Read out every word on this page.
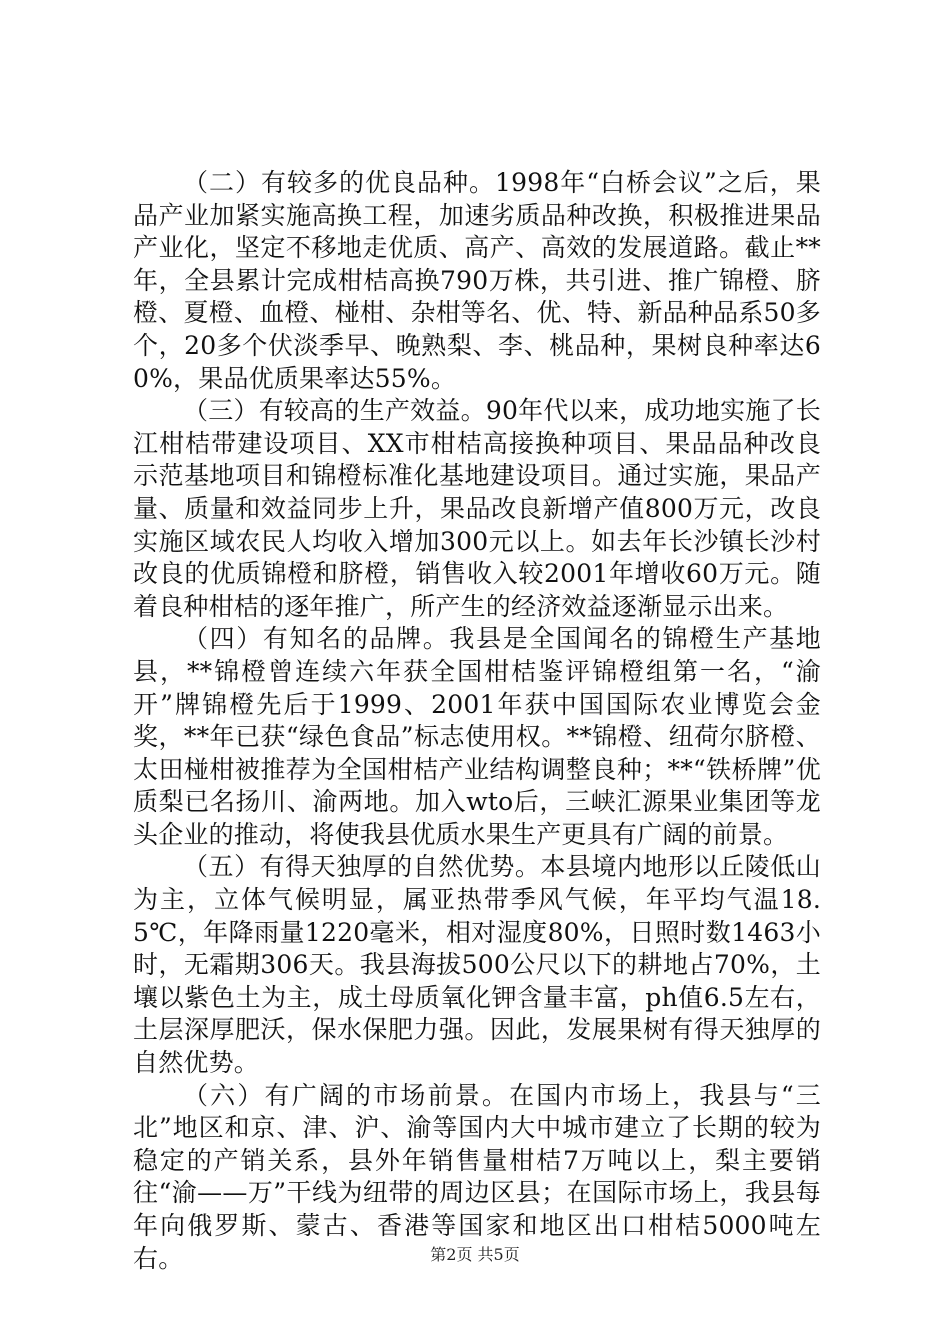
（二）有较多的优良品种。1998年“白桥会议”之后，果品产业加紧实施高换工程，加速劣质品种改换，积极推进果品产业化，坚定不移地走优质、高产、高效的发展道路。截止**年，全县累计完成柑桔高换790万株，共引进、推广锦橙、脐橙、夏橙、血橙、椪柑、杂柑等名、优、特、新品种品系50多个，20多个伏淡季早、晚熟梨、李、桃品种，果树良种率达60%，果品优质果率达55%。

（三）有较高的生产效益。90年代以来，成功地实施了长江柑桔带建设项目、XX市柑桔高接换种项目、果品品种改良示范基地项目和锦橙标准化基地建设项目。通过实施，果品产量、质量和效益同步上升，果品改良新增产值800万元，改良实施区域农民人均收入增加300元以上。如去年长沙镇长沙村改良的优质锦橙和脐橙，销售收入较2001年增收60万元。随着良种柑桔的逐年推广，所产生的经济效益逐渐显示出来。

（四）有知名的品牌。我县是全国闻名的锦橙生产基地县，**锦橙曾连续六年获全国柑桔鉴评锦橙组第一名，“渝开”牌锦橙先后于1999、2001年获中国国际农业博览会金奖，**年已获“绿色食品”标志使用权。**锦橙、纽荷尔脐橙、太田椪柑被推荐为全国柑桔产业结构调整良种；**“铁桥牌”优质梨已名扬川、渝两地。加入wto后，三峡汇源果业集团等龙头企业的推动，将使我县优质水果生产更具有广阔的前景。

（五）有得天独厚的自然优势。本县境内地形以丘陵低山为主，立体气候明显，属亚热带季风气候，年平均气温18.5℃，年降雨量1220毫米，相对湿度80%，日照时数1463小时，无霜期306天。我县海拔500公尺以下的耕地占70%，土壤以紫色土为主，成土母质氧化钾含量丰富，ph值6.5左右，土层深厚肥沃，保水保肥力强。因此，发展果树有得天独厚的自然优势。

（六）有广阔的市场前景。在国内市场上，我县与“三北”地区和京、津、沪、渝等国内大中城市建立了长期的较为稳定的产销关系，县外年销售量柑桔7万吨以上，梨主要销往“渝——万”干线为纽带的周边区县；在国际市场上，我县每年向俄罗斯、蒙古、香港等国家和地区出口柑桔5000吨左右。	第2页 共5页
